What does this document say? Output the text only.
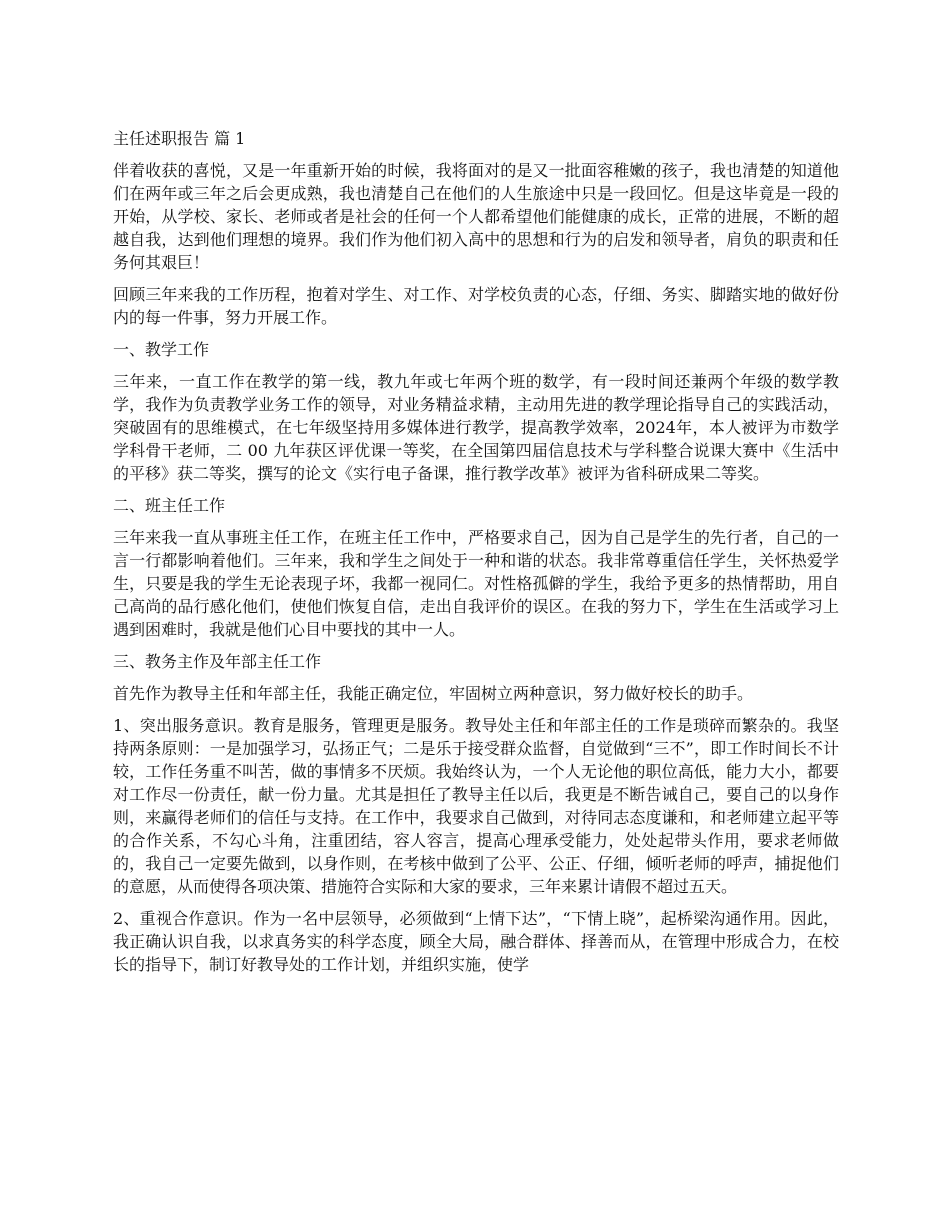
主任述职报告 篇 1

伴着收获的喜悦，又是一年重新开始的时候，我将面对的是又一批面容稚嫩的孩子，我也清楚的知道他们在两年或三年之后会更成熟，我也清楚自己在他们的人生旅途中只是一段回忆。但是这毕竟是一段的开始，从学校、家长、老师或者是社会的任何一个人都希望他们能健康的成长，正常的进展，不断的超越自我，达到他们理想的境界。我们作为他们初入高中的思想和行为的启发和领导者，肩负的职责和任务何其艰巨！

回顾三年来我的工作历程，抱着对学生、对工作、对学校负责的心态，仔细、务实、脚踏实地的做好份内的每一件事，努力开展工作。

一、教学工作

三年来，一直工作在教学的第一线，教九年或七年两个班的数学，有一段时间还兼两个年级的数学教学，我作为负责教学业务工作的领导，对业务精益求精，主动用先进的教学理论指导自己的实践活动，突破固有的思维模式，在七年级坚持用多媒体进行教学，提高教学效率，2024年，本人被评为市数学学科骨干老师，二 00 九年获区评优课一等奖，在全国第四届信息技术与学科整合说课大赛中《生活中的平移》获二等奖，撰写的论文《实行电子备课，推行教学改革》被评为省科研成果二等奖。

二、班主任工作

三年来我一直从事班主任工作，在班主任工作中，严格要求自己，因为自己是学生的先行者，自己的一言一行都影响着他们。三年来，我和学生之间处于一种和谐的状态。我非常尊重信任学生，关怀热爱学生，只要是我的学生无论表现子坏，我都一视同仁。对性格孤僻的学生，我给予更多的热情帮助，用自己高尚的品行感化他们，使他们恢复自信，走出自我评价的误区。在我的努力下，学生在生活或学习上遇到困难时，我就是他们心目中要找的其中一人。

三、教务主作及年部主任工作

首先作为教导主任和年部主任，我能正确定位，牢固树立两种意识，努力做好校长的助手。

1、突出服务意识。教育是服务，管理更是服务。教导处主任和年部主任的工作是琐碎而繁杂的。我坚持两条原则：一是加强学习，弘扬正气；二是乐于接受群众监督，自觉做到“三不”，即工作时间长不计较，工作任务重不叫苦，做的事情多不厌烦。我始终认为，一个人无论他的职位高低，能力大小，都要对工作尽一份责任，献一份力量。尤其是担任了教导主任以后，我更是不断告诫自己，要自己的以身作则，来赢得老师们的信任与支持。在工作中，我要求自己做到，对待同志态度谦和，和老师建立起平等的合作关系，不勾心斗角，注重团结，容人容言，提高心理承受能力，处处起带头作用，要求老师做的，我自己一定要先做到，以身作则，在考核中做到了公平、公正、仔细，倾听老师的呼声，捕捉他们的意愿，从而使得各项决策、措施符合实际和大家的要求，三年来累计请假不超过五天。

2、重视合作意识。作为一名中层领导，必须做到“上情下达”，“下情上晓”，起桥梁沟通作用。因此，我正确认识自我，以求真务实的科学态度，顾全大局，融合群体、择善而从，在管理中形成合力，在校长的指导下，制订好教导处的工作计划，并组织实施，使学
